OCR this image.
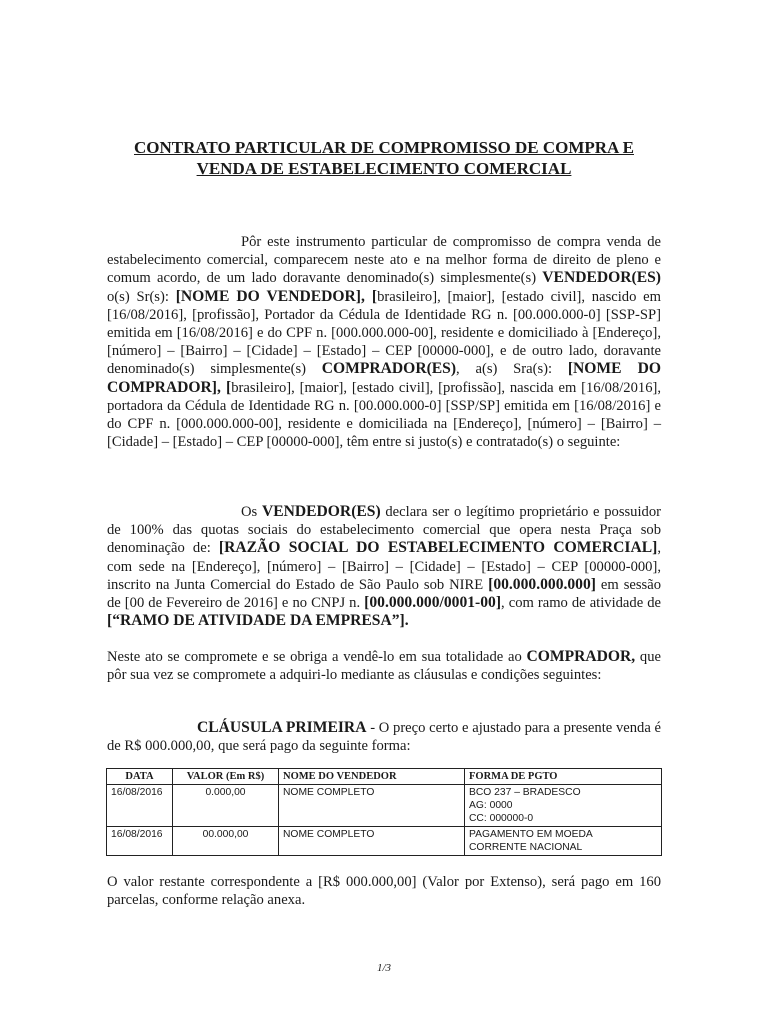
CONTRATO PARTICULAR DE COMPROMISSO DE COMPRA E
VENDA DE ESTABELECIMENTO COMERCIAL
Pôr este instrumento particular de compromisso de compra venda de estabelecimento comercial, comparecem neste ato e na melhor forma de direito de pleno e comum acordo, de um lado doravante denominado(s) simplesmente(s) VENDEDOR(ES) o(s) Sr(s): [NOME DO VENDEDOR], [brasileiro], [maior], [estado civil], nascido em [16/08/2016], [profissão], Portador da Cédula de Identidade RG n. [00.000.000-0] [SSP-SP] emitida em [16/08/2016] e do CPF n. [000.000.000-00], residente e domiciliado à [Endereço], [número] – [Bairro] – [Cidade] – [Estado] – CEP [00000-000], e de outro lado, doravante denominado(s) simplesmente(s) COMPRADOR(ES), a(s) Sra(s): [NOME DO COMPRADOR], [brasileiro], [maior], [estado civil], [profissão], nascida em [16/08/2016], portadora da Cédula de Identidade RG n. [00.000.000-0] [SSP/SP] emitida em [16/08/2016] e do CPF n. [000.000.000-00], residente e domiciliada na [Endereço], [número] – [Bairro] – [Cidade] – [Estado] – CEP [00000-000], têm entre si justo(s) e contratado(s) o seguinte:
Os VENDEDOR(ES) declara ser o legítimo proprietário e possuidor de 100% das quotas sociais do estabelecimento comercial que opera nesta Praça sob denominação de: [RAZÃO SOCIAL DO ESTABELECIMENTO COMERCIAL], com sede na [Endereço], [número] – [Bairro] – [Cidade] – [Estado] – CEP [00000-000], inscrito na Junta Comercial do Estado de São Paulo sob NIRE [00.000.000.000] em sessão de [00 de Fevereiro de 2016] e no CNPJ n. [00.000.000/0001-00], com ramo de atividade de [“RAMO DE ATIVIDADE DA EMPRESA”].
Neste ato se compromete e se obriga a vendê-lo em sua totalidade ao COMPRADOR, que pôr sua vez se compromete a adquiri-lo mediante as cláusulas e condições seguintes:
CLÁUSULA PRIMEIRA - O preço certo e ajustado para a presente venda é de R$ 000.000,00, que será pago da seguinte forma:
DATA	VALOR (Em R$)	NOME DO VENDEDOR	FORMA DE PGTO
16/08/2016	0.000,00	NOME COMPLETO	BCO 237 – BRADESCO
AG: 0000
CC: 000000-0

16/08/2016	00.000,00	NOME COMPLETO	PAGAMENTO EM MOEDA
CORRENTE NACIONAL
O valor restante correspondente a [R$ 000.000,00] (Valor por Extenso), será pago em 160 parcelas, conforme relação anexa.
1/3
